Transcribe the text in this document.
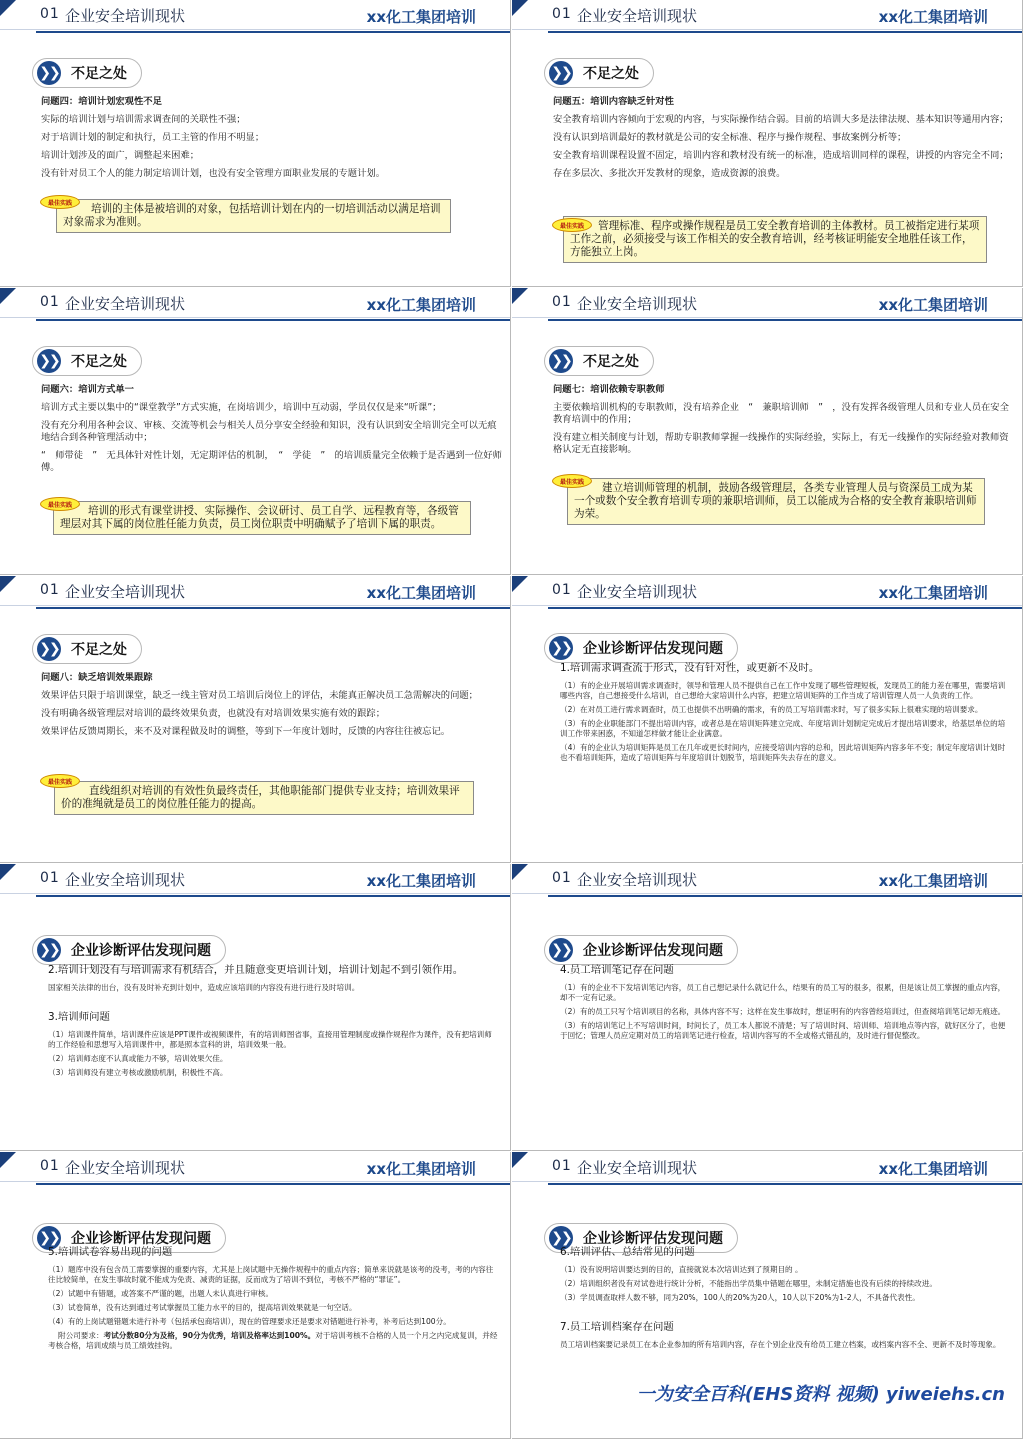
01 企业安全培训现状	xx化工集团培训
❯❯ 不足之处
问题四：培训计划宏观性不足
实际的培训计划与培训需求调查间的关联性不强；
对于培训计划的制定和执行，员工主管的作用不明显；
培训计划涉及的面广，调整起来困难；
没有针对员工个人的能力制定培训计划，也没有安全管理方面职业发展的专题计划。
培训的主体是被培训的对象，包括培训计划在内的一切培训活动以满足培训对象需求为准则。
最佳实践
01 企业安全培训现状	xx化工集团培训
❯❯ 不足之处
问题五：培训内容缺乏针对性
安全教育培训内容倾向于宏观的内容，与实际操作结合弱。目前的培训大多是法律法规、基本知识等通用内容；
没有认识到培训最好的教材就是公司的安全标准、程序与操作规程、事故案例分析等；
安全教育培训课程设置不固定，培训内容和教材没有统一的标准，造成培训同样的课程，讲授的内容完全不同；
存在多层次、多批次开发教材的现象，造成资源的浪费。
管理标准、程序或操作规程是员工安全教育培训的主体教材。员工被指定进行某项工作之前，必须接受与该工作相关的安全教育培训，经考核证明能安全地胜任该工作，方能独立上岗。
最佳实践
01 企业安全培训现状	xx化工集团培训
❯❯ 不足之处
问题六：培训方式单一
培训方式主要以集中的“课堂教学”方式实施，在岗培训少，培训中互动弱，学员仅仅是来“听课”；
没有充分利用各种会议、审核、交流等机会与相关人员分享安全经验和知识，没有认识到安全培训完全可以无痕地结合到各种管理活动中；
“　师带徒　”　无具体针对性计划，无定期评估的机制，　“　学徒　”　的培训质量完全依赖于是否遇到一位好师傅。
培训的形式有课堂讲授、实际操作、会议研讨、员工自学、远程教育等，各级管理层对其下属的岗位胜任能力负责，员工岗位职责中明确赋予了培训下属的职责。
最佳实践
01 企业安全培训现状	xx化工集团培训
❯❯ 不足之处
问题七：培训依赖专职教师
主要依赖培训机构的专职教师，没有培养企业　“　兼职培训师　”　，没有发挥各级管理人员和专业人员在安全教育培训中的作用；
没有建立相关制度与计划，帮助专职教师掌握一线操作的实际经验，实际上，有无一线操作的实际经验对教师资格认定无直接影响。
建立培训师管理的机制，鼓励各级管理层，各类专业管理人员与资深员工成为某一个或数个安全教育培训专项的兼职培训师，员工以能成为合格的安全教育兼职培训师为荣。
最佳实践
01 企业安全培训现状	xx化工集团培训
❯❯ 不足之处
问题八：缺乏培训效果跟踪
效果评估只限于培训课堂，缺乏一线主管对员工培训后岗位上的评估，未能真正解决员工急需解决的问题；
没有明确各级管理层对培训的最终效果负责，也就没有对培训效果实施有效的跟踪；
效果评估反馈周期长，来不及对课程做及时的调整，等到下一年度计划时，反馈的内容往往被忘记。
直线组织对培训的有效性负最终责任，其他职能部门提供专业支持；培训效果评价的准绳就是员工的岗位胜任能力的提高。
最佳实践
01 企业安全培训现状	xx化工集团培训
❯❯ 企业诊断评估发现问题
1.培训需求调查流于形式，没有针对性，或更新不及时。
（1）有的企业开展培训需求调查时，领导和管理人员不提供自己在工作中发现了哪些管理短板，发现员工的能力差在哪里，需要培训哪些内容，自己想接受什么培训，自己想给大家培训什么内容，把建立培训矩阵的工作当成了培训管理人员一人负责的工作。
（2）在对员工进行需求调查时，员工也提供不出明确的需求，有的员工写培训需求时，写了很多实际上很难实现的培训要求。
（3）有的企业职能部门不提出培训内容，或者总是在培训矩阵建立完成、年度培训计划制定完成后才提出培训要求，给基层单位的培训工作带来困惑，不知道怎样做才能让企业满意。
（4）有的企业认为培训矩阵是员工在几年或更长时间内，应接受培训内容的总和，因此培训矩阵内容多年不变；制定年度培训计划时也不看培训矩阵，造成了培训矩阵与年度培训计划脱节，培训矩阵失去存在的意义。
01 企业安全培训现状	xx化工集团培训
❯❯ 企业诊断评估发现问题
2.培训计划没有与培训需求有机结合，并且随意变更培训计划，培训计划起不到引领作用。
国家相关法律的出台，没有及时补充到计划中，造成应该培训的内容没有进行进行及时培训。
3.培训师问题
（1）培训课件简单，培训课件应该是PPT课件或视频课件，有的培训师图省事，直接用管理制度或操作规程作为课件，没有把培训师的工作经验和思想写入培训课件中，都是照本宣科的讲，培训效果一般。
（2）培训师态度不认真或能力不够，培训效果欠佳。
（3）培训师没有建立考核或激励机制，积极性不高。
01 企业安全培训现状	xx化工集团培训
❯❯ 企业诊断评估发现问题
4.员工培训笔记存在问题
（1）有的企业不下发培训笔记内容，员工自己想记录什么就记什么，结果有的员工写的很多，很累，但是该让员工掌握的重点内容，却不一定有记录。
（2）有的员工只写个培训项目的名称，具体内容不写；这样在发生事故时，想证明有的内容曾经培训过，但查阅培训笔记却无痕迹。
（3）有的培训笔记上不写培训时间，时间长了，员工本人都说不清楚；写了培训时间、培训师、培训地点等内容，就好区分了，也便于回忆；管理人员应定期对员工的培训笔记进行检查，培训内容写的不全或格式错乱的，及时进行督促整改。
01 企业安全培训现状	xx化工集团培训
❯❯ 企业诊断评估发现问题
5.培训试卷容易出现的问题
（1）题库中没有包含员工需要掌握的重要内容，尤其是上岗试题中无操作规程中的重点内容；简单来说就是该考的没考，考的内容往往比较简单，在发生事故时就不能成为免责、减责的证据，反而成为了培训不到位，考核不严格的“罪证”。
（2）试题中有错题，或答案不严谨的题，出题人未认真进行审核。
（3）试卷简单，没有达到通过考试掌握员工能力水平的目的，提高培训效果就是一句空话。
（4）有的上岗试题错题未进行补考（包括承包商培训），现在的管理要求还是要求对错题进行补考，补考后达到100分。
附公司要求：考试分数80分为及格，90分为优秀，培训及格率达到100%。对于培训考核不合格的人员一个月之内完成复训，并经考核合格，培训成绩与员工绩效挂钩。
01 企业安全培训现状	xx化工集团培训
❯❯ 企业诊断评估发现问题
6.培训评估、总结常见的问题
（1）没有说明培训要达到的目的，直接就说本次培训达到了预期目的 。
（2）培训组织者没有对试卷进行统计分析，不能指出学员集中错题在哪里，未制定措施也没有后续的持续改进。
（3）学员调查取样人数不够，同为20%，100人的20%为20人，10人以下20%为1-2人，不具备代表性。
7.员工培训档案存在问题
员工培训档案要记录员工在本企业参加的所有培训内容，存在个别企业没有给员工建立档案，或档案内容不全、更新不及时等现象。
一为安全百科(EHS资料 视频) yiweiehs.cn
